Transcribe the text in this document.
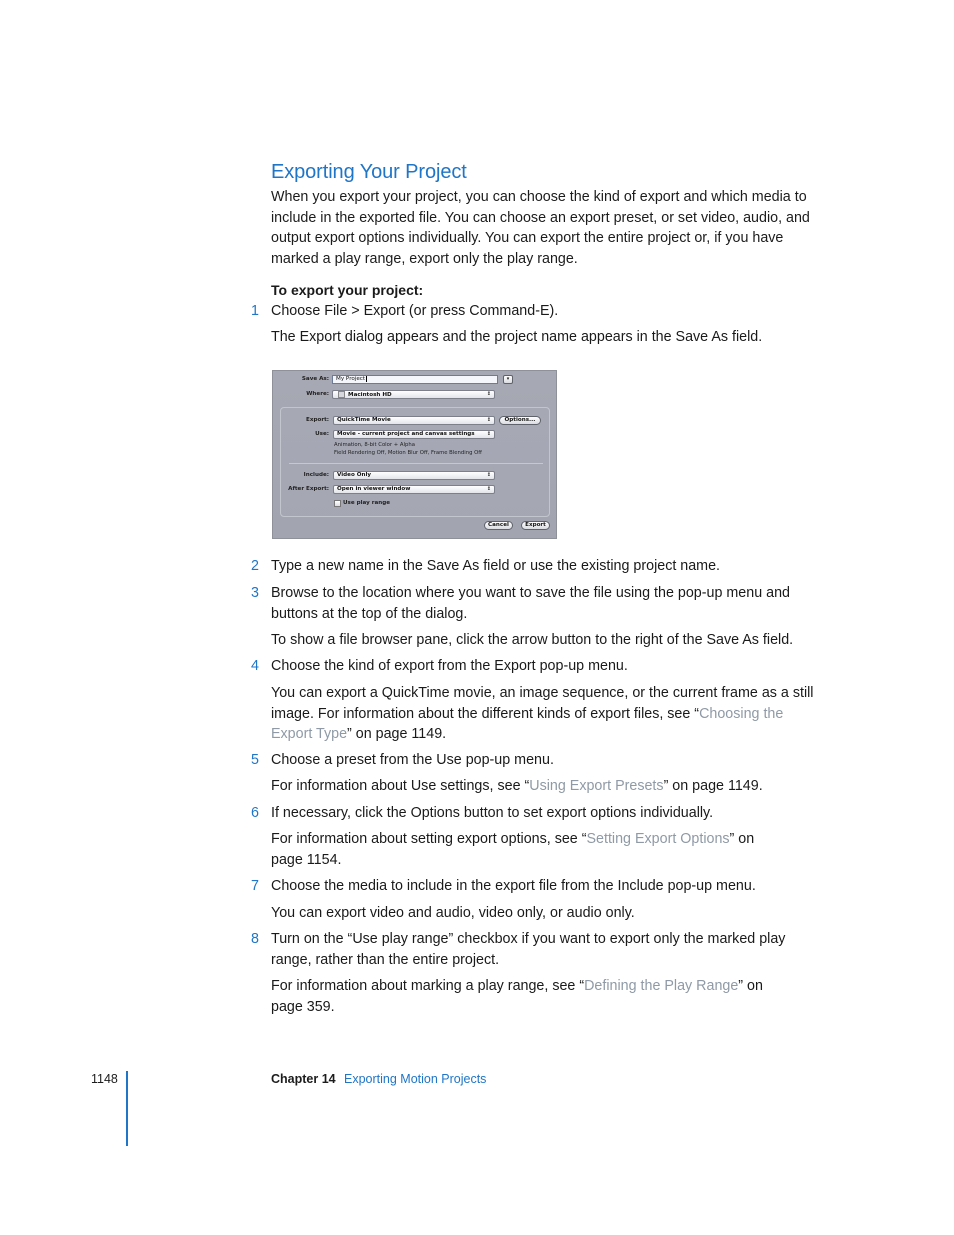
Exporting Your Project

When you export your project, you can choose the kind of export and which media to include in the exported file. You can choose an export preset, or set video, audio, and output export options individually. You can export the entire project or, if you have marked a play range, export only the play range.

To export your project:

1 Choose File > Export (or press Command-E).

The Export dialog appears and the project name appears in the Save As field.

Save As:	My Project	▾
Where:	Macintosh HD	↕
Export:	QuickTime Movie	↕	Options...
Use:	Movie - current project and canvas settings ↕
Animation, 8-bit Color + Alpha
Field Rendering Off, Motion Blur Off, Frame Blending Off
Include:	Video Only	↕
After Export:	Open in viewer window	↕
Use play range
Cancel	Export
2 Type a new name in the Save As field or use the existing project name.
3 Browse to the location where you want to save the file using the pop-up menu and buttons at the top of the dialog.

To show a file browser pane, click the arrow button to the right of the Save As field.

4 Choose the kind of export from the Export pop-up menu.

You can export a QuickTime movie, an image sequence, or the current frame as a still image. For information about the different kinds of export files, see “Choosing the Export Type” on page 1149.

5 Choose a preset from the Use pop-up menu.

For information about Use settings, see “Using Export Presets” on page 1149.

6 If necessary, click the Options button to set export options individually.

For information about setting export options, see “Setting Export Options” on page 1154.

7 Choose the media to include in the export file from the Include pop-up menu.

You can export video and audio, video only, or audio only.

8 Turn on the “Use play range” checkbox if you want to export only the marked play range, rather than the entire project.

For information about marking a play range, see “Defining the Play Range” on page 359.

1148	Chapter 14 Exporting Motion Projects
